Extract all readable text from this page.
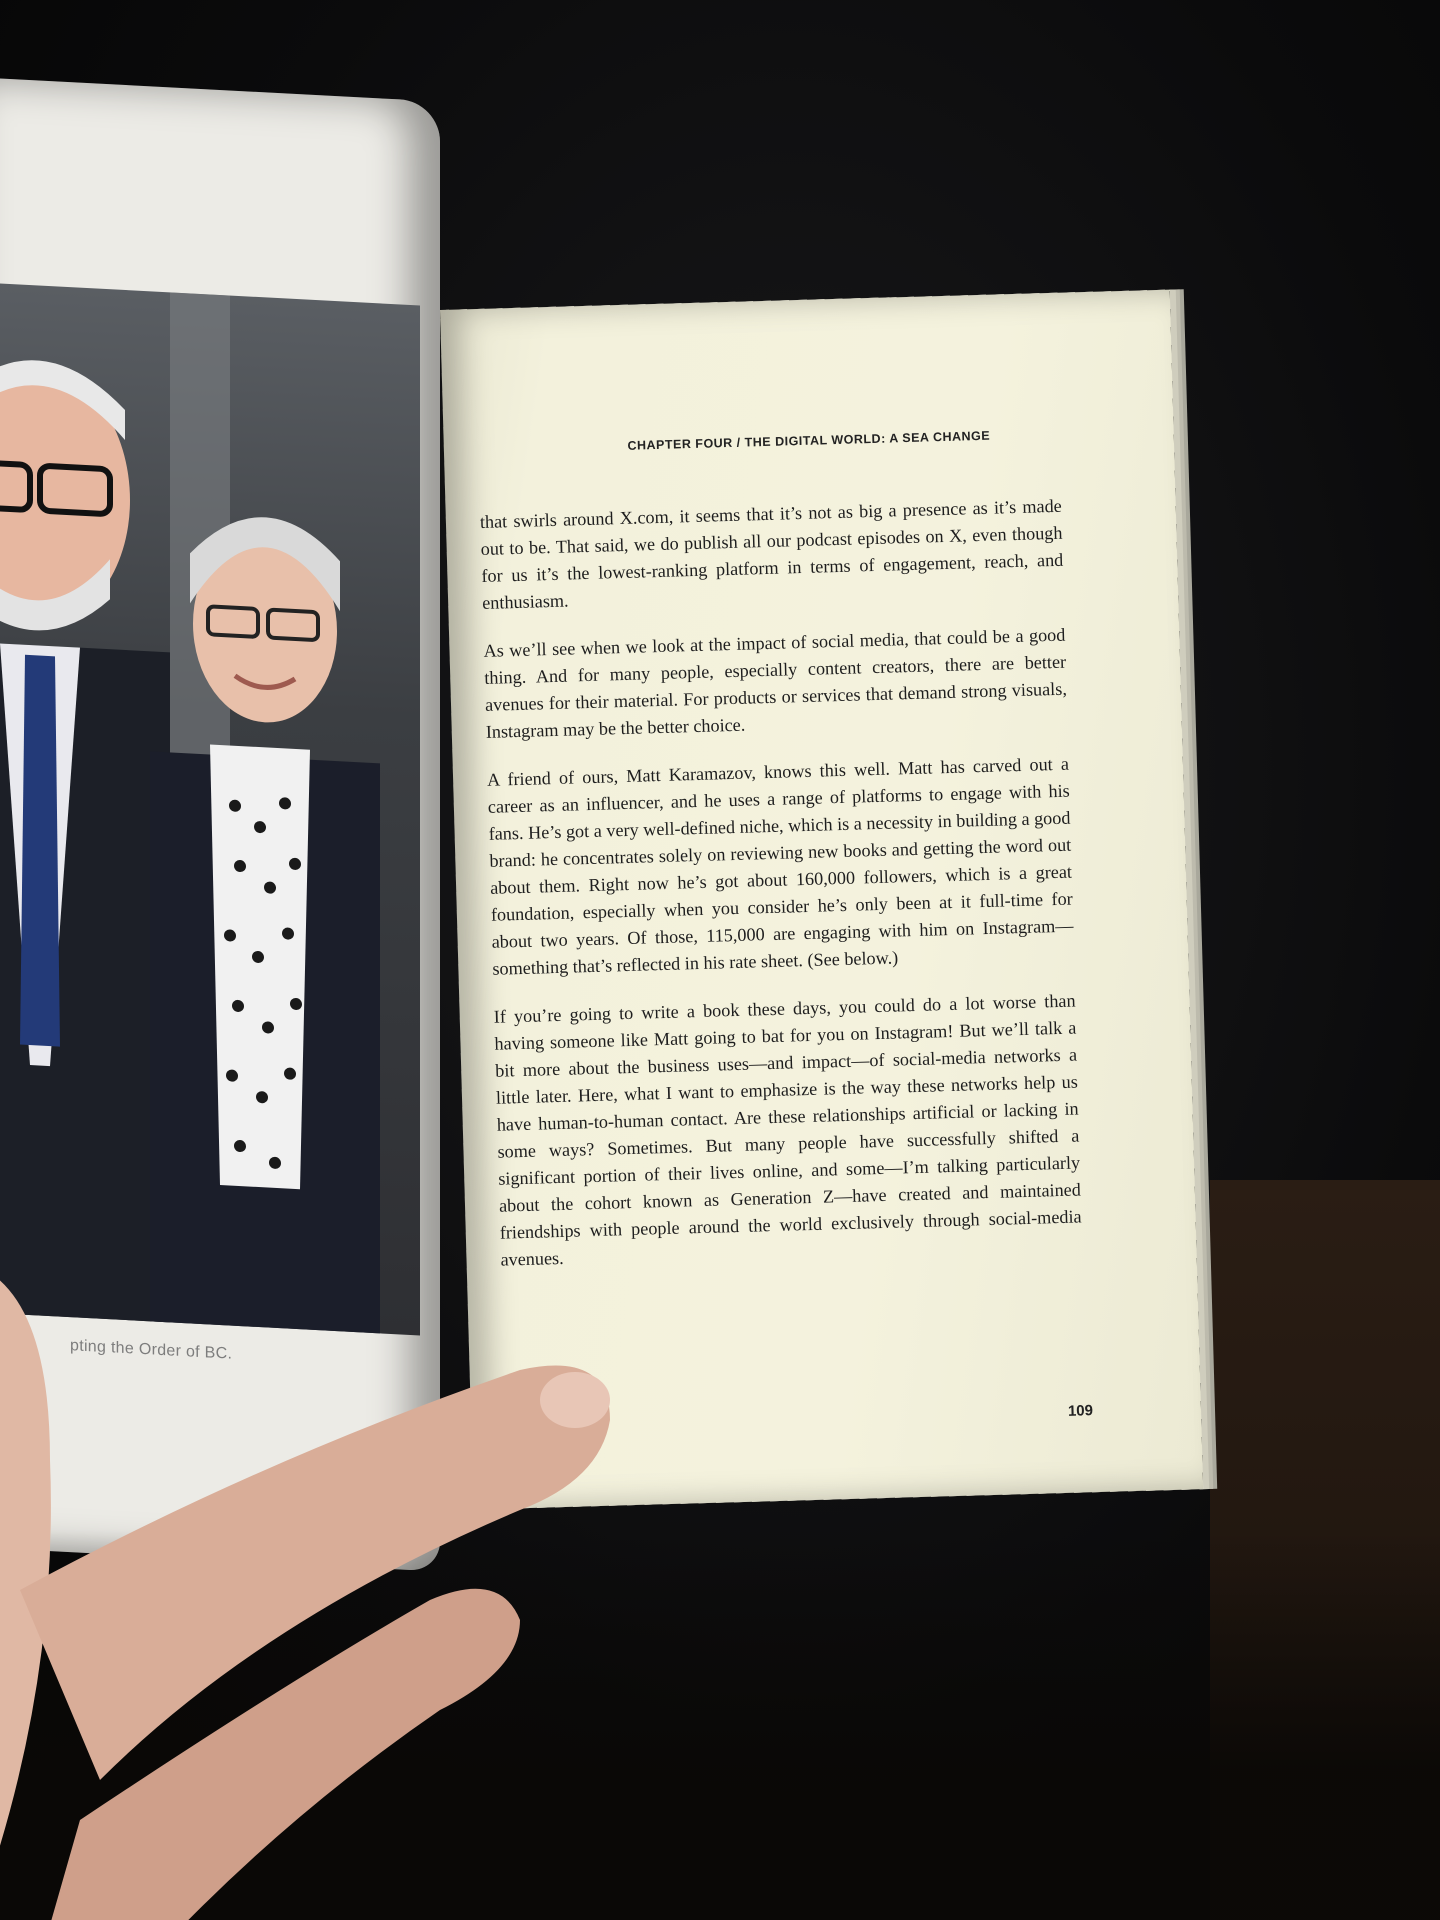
pting the Order of BC.
CHAPTER FOUR / THE DIGITAL WORLD: A SEA CHANGE

that swirls around X.com, it seems that it’s not as big a presence as it’s made out to be. That said, we do publish all our podcast episodes on X, even though for us it’s the lowest-ranking platform in terms of engagement, reach, and enthusiasm.

As we’ll see when we look at the impact of social media, that could be a good thing. And for many people, especially content creators, there are better avenues for their material. For products or services that demand strong visuals, Instagram may be the better choice.

A friend of ours, Matt Karamazov, knows this well. Matt has carved out a career as an influencer, and he uses a range of platforms to engage with his fans. He’s got a very well-defined niche, which is a necessity in building a good brand: he concentrates solely on reviewing new books and getting the word out about them. Right now he’s got about 160,000 followers, which is a great foundation, especially when you consider he’s only been at it full-time for about two years. Of those, 115,000 are engaging with him on Instagram—something that’s reflected in his rate sheet. (See below.)

If you’re going to write a book these days, you could do a lot worse than having someone like Matt going to bat for you on Instagram! But we’ll talk a bit more about the business uses—and impact—of social-media networks a little later. Here, what I want to emphasize is the way these networks help us have human-to-human contact. Are these relationships artificial or lacking in some ways? Sometimes. But many people have successfully shifted a significant portion of their lives online, and some—I’m talking particularly about the cohort known as Generation Z—have created and maintained friendships with people around the world exclusively through social-media avenues.

109
